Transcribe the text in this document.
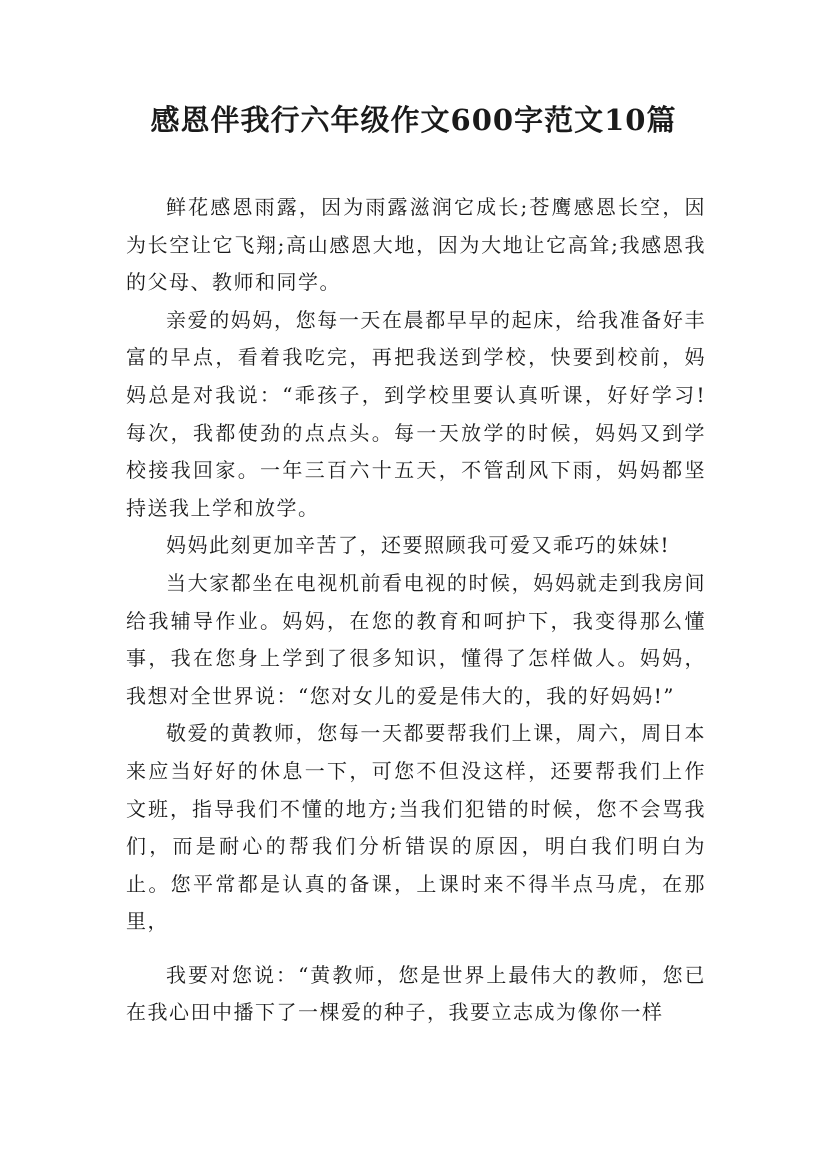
感恩伴我行六年级作文600字范文10篇

鲜花感恩雨露，因为雨露滋润它成长;苍鹰感恩长空，因为长空让它飞翔;高山感恩大地，因为大地让它高耸;我感恩我的父母、教师和同学。

亲爱的妈妈，您每一天在晨都早早的起床，给我准备好丰富的早点，看着我吃完，再把我送到学校，快要到校前，妈妈总是对我说：“乖孩子，到学校里要认真听课，好好学习!每次，我都使劲的点点头。每一天放学的时候，妈妈又到学校接我回家。一年三百六十五天，不管刮风下雨，妈妈都坚持送我上学和放学。

妈妈此刻更加辛苦了，还要照顾我可爱又乖巧的妹妹!

当大家都坐在电视机前看电视的时候，妈妈就走到我房间给我辅导作业。妈妈，在您的教育和呵护下，我变得那么懂事，我在您身上学到了很多知识，懂得了怎样做人。妈妈，我想对全世界说：“您对女儿的爱是伟大的，我的好妈妈!”

敬爱的黄教师，您每一天都要帮我们上课，周六，周日本来应当好好的休息一下，可您不但没这样，还要帮我们上作文班，指导我们不懂的地方;当我们犯错的时候，您不会骂我们，而是耐心的帮我们分析错误的原因，明白我们明白为止。您平常都是认真的备课，上课时来不得半点马虎，在那里，

我要对您说：“黄教师，您是世界上最伟大的教师，您已在我心田中播下了一棵爱的种子，我要立志成为像你一样
